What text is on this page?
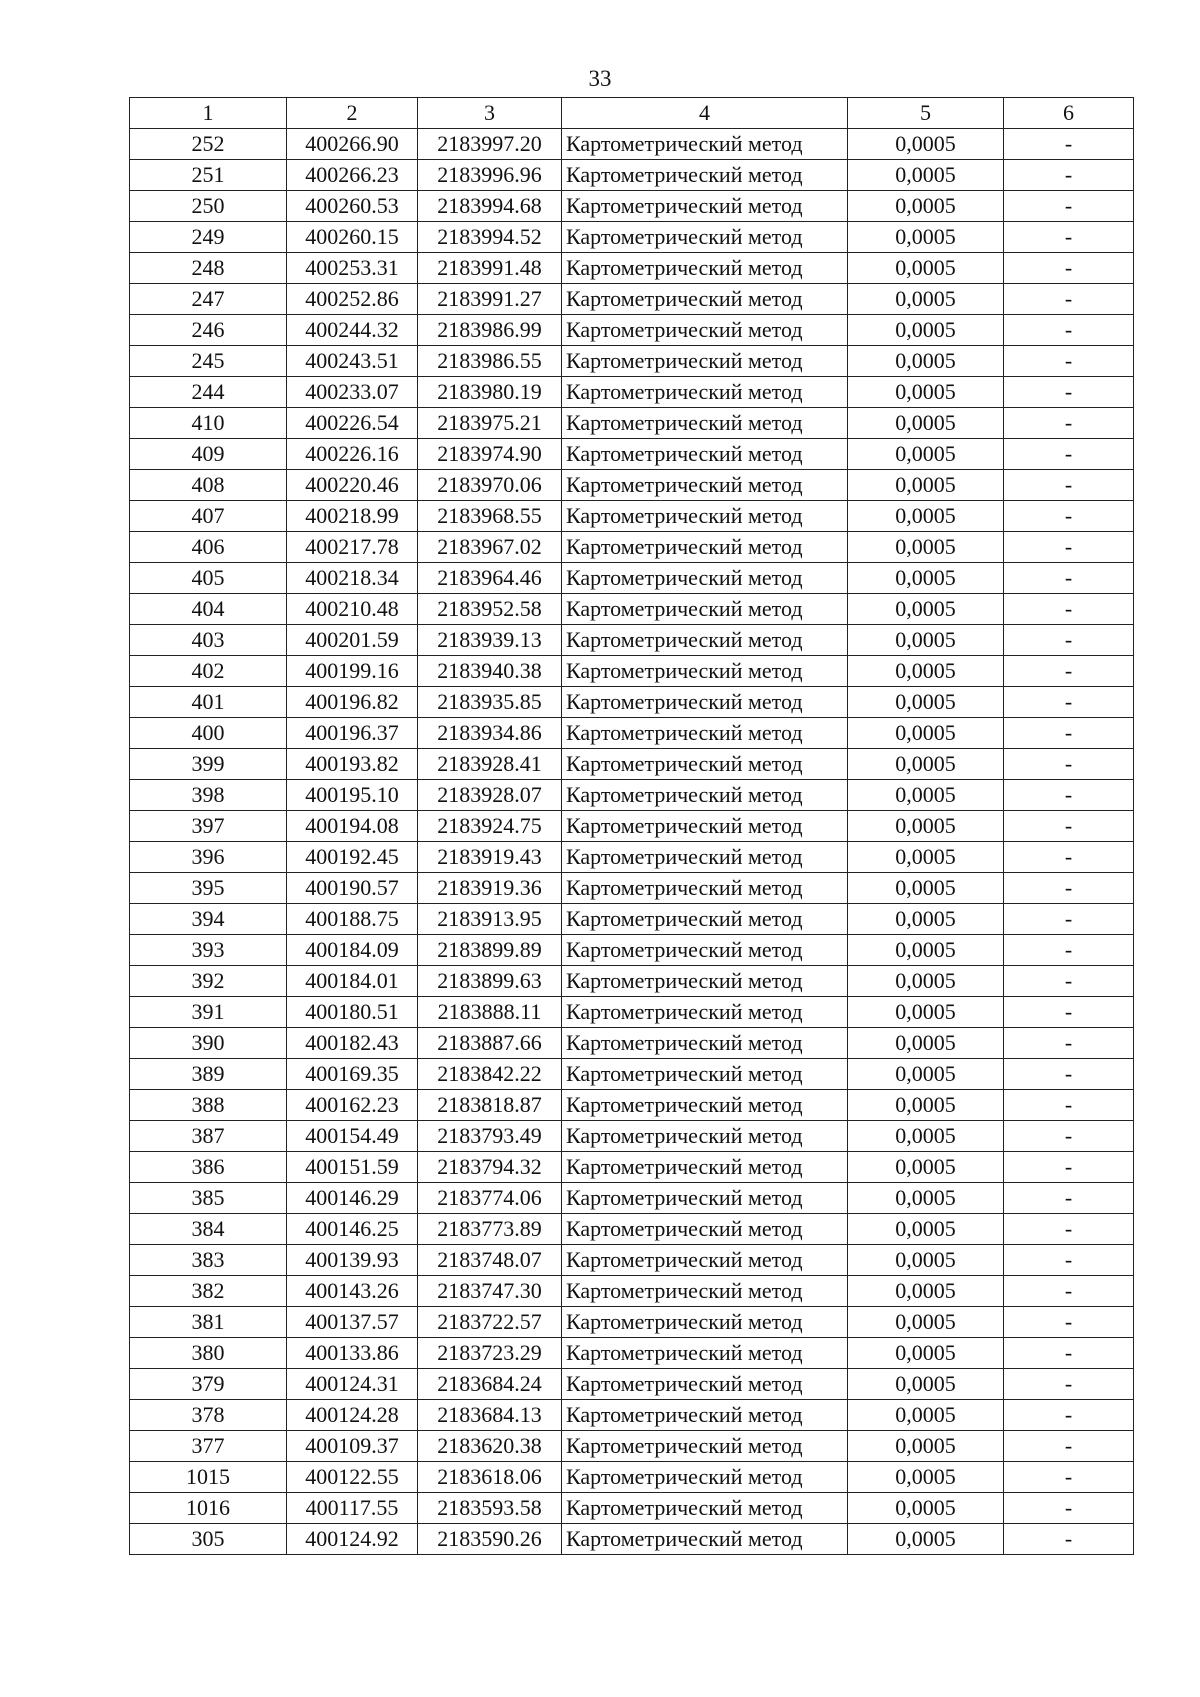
33
1	2	3	4	5	6
252	400266.90	2183997.20	Картометрический метод	0,0005	-
251	400266.23	2183996.96	Картометрический метод	0,0005	-
250	400260.53	2183994.68	Картометрический метод	0,0005	-
249	400260.15	2183994.52	Картометрический метод	0,0005	-
248	400253.31	2183991.48	Картометрический метод	0,0005	-
247	400252.86	2183991.27	Картометрический метод	0,0005	-
246	400244.32	2183986.99	Картометрический метод	0,0005	-
245	400243.51	2183986.55	Картометрический метод	0,0005	-
244	400233.07	2183980.19	Картометрический метод	0,0005	-
410	400226.54	2183975.21	Картометрический метод	0,0005	-
409	400226.16	2183974.90	Картометрический метод	0,0005	-
408	400220.46	2183970.06	Картометрический метод	0,0005	-
407	400218.99	2183968.55	Картометрический метод	0,0005	-
406	400217.78	2183967.02	Картометрический метод	0,0005	-
405	400218.34	2183964.46	Картометрический метод	0,0005	-
404	400210.48	2183952.58	Картометрический метод	0,0005	-
403	400201.59	2183939.13	Картометрический метод	0,0005	-
402	400199.16	2183940.38	Картометрический метод	0,0005	-
401	400196.82	2183935.85	Картометрический метод	0,0005	-
400	400196.37	2183934.86	Картометрический метод	0,0005	-
399	400193.82	2183928.41	Картометрический метод	0,0005	-
398	400195.10	2183928.07	Картометрический метод	0,0005	-
397	400194.08	2183924.75	Картометрический метод	0,0005	-
396	400192.45	2183919.43	Картометрический метод	0,0005	-
395	400190.57	2183919.36	Картометрический метод	0,0005	-
394	400188.75	2183913.95	Картометрический метод	0,0005	-
393	400184.09	2183899.89	Картометрический метод	0,0005	-
392	400184.01	2183899.63	Картометрический метод	0,0005	-
391	400180.51	2183888.11	Картометрический метод	0,0005	-
390	400182.43	2183887.66	Картометрический метод	0,0005	-
389	400169.35	2183842.22	Картометрический метод	0,0005	-
388	400162.23	2183818.87	Картометрический метод	0,0005	-
387	400154.49	2183793.49	Картометрический метод	0,0005	-
386	400151.59	2183794.32	Картометрический метод	0,0005	-
385	400146.29	2183774.06	Картометрический метод	0,0005	-
384	400146.25	2183773.89	Картометрический метод	0,0005	-
383	400139.93	2183748.07	Картометрический метод	0,0005	-
382	400143.26	2183747.30	Картометрический метод	0,0005	-
381	400137.57	2183722.57	Картометрический метод	0,0005	-
380	400133.86	2183723.29	Картометрический метод	0,0005	-
379	400124.31	2183684.24	Картометрический метод	0,0005	-
378	400124.28	2183684.13	Картометрический метод	0,0005	-
377	400109.37	2183620.38	Картометрический метод	0,0005	-
1015	400122.55	2183618.06	Картометрический метод	0,0005	-
1016	400117.55	2183593.58	Картометрический метод	0,0005	-
305	400124.92	2183590.26	Картометрический метод	0,0005	-
